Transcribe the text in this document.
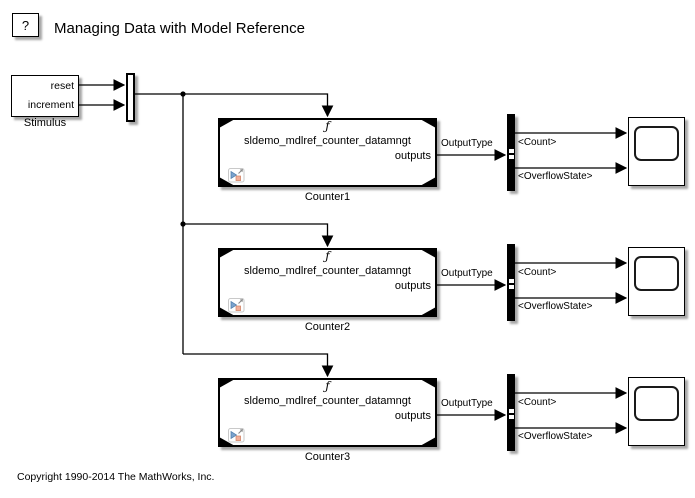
? Managing Data with Model Reference
reset
increment
Stimulus	ƒ
sldemo_mdlref_counter_datamngt
outputs
Counter1
OutputType	<Count>
<OverflowState>
ƒ
sldemo_mdlref_counter_datamngt
outputs
Counter2
OutputType	<Count>
<OverflowState>
ƒ
sldemo_mdlref_counter_datamngt
outputs
Counter3
OutputType	<Count>
<OverflowState>
Copyright 1990-2014 The MathWorks, Inc.
